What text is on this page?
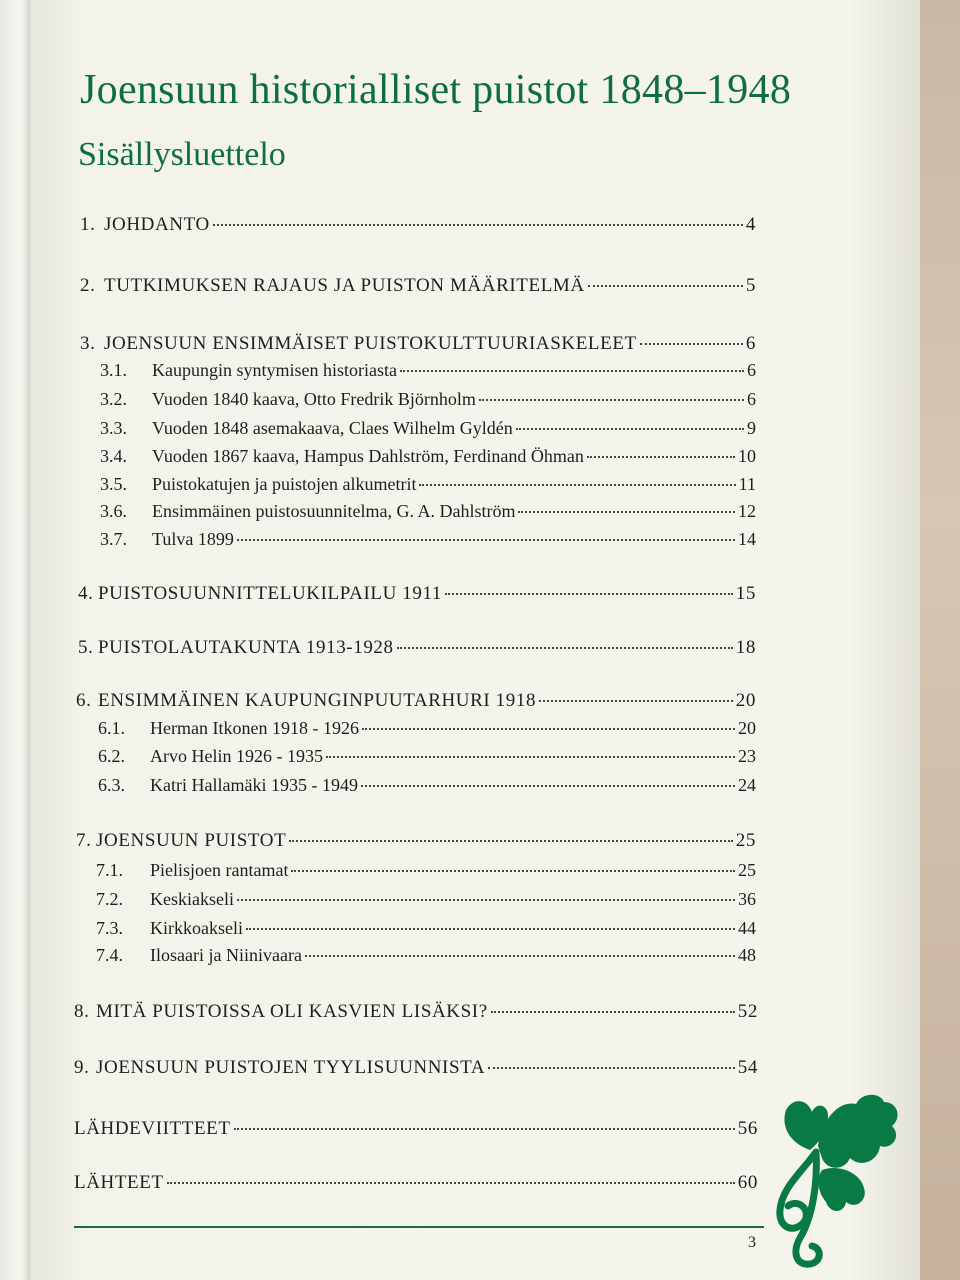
Joensuun historialliset puistot 1848–1948
Sisällysluettelo
1. JOHDANTO	4
2. TUTKIMUKSEN RAJAUS JA PUISTON MÄÄRITELMÄ	5
3. JOENSUUN ENSIMMÄISET PUISTOKULTTUURIASKELEET	6
3.1.	Kaupungin syntymisen historiasta	6
3.2.	Vuoden 1840 kaava, Otto Fredrik Björnholm	6
3.3.	Vuoden 1848 asemakaava, Claes Wilhelm Gyldén	9
3.4.	Vuoden 1867 kaava, Hampus Dahlström, Ferdinand Öhman	10
3.5.	Puistokatujen ja puistojen alkumetrit	11
3.6.	Ensimmäinen puistosuunnitelma, G. A. Dahlström	12
3.7.	Tulva 1899	14
4. PUISTOSUUNNITTELUKILPAILU 1911	15
5. PUISTOLAUTAKUNTA 1913-1928	18
6. ENSIMMÄINEN KAUPUNGINPUUTARHURI 1918	20
6.1.	Herman Itkonen 1918 - 1926	20
6.2.	Arvo Helin 1926 - 1935	23
6.3.	Katri Hallamäki 1935 - 1949	24
7. JOENSUUN PUISTOT	25
7.1.	Pielisjoen rantamat	25
7.2.	Keskiakseli	36
7.3.	Kirkkoakseli	44
7.4.	Ilosaari ja Niinivaara	48
8. MITÄ PUISTOISSA OLI KASVIEN LISÄKSI?	52
9. JOENSUUN PUISTOJEN TYYLISUUNNISTA	54
LÄHDEVIITTEET	56
LÄHTEET	60
3
